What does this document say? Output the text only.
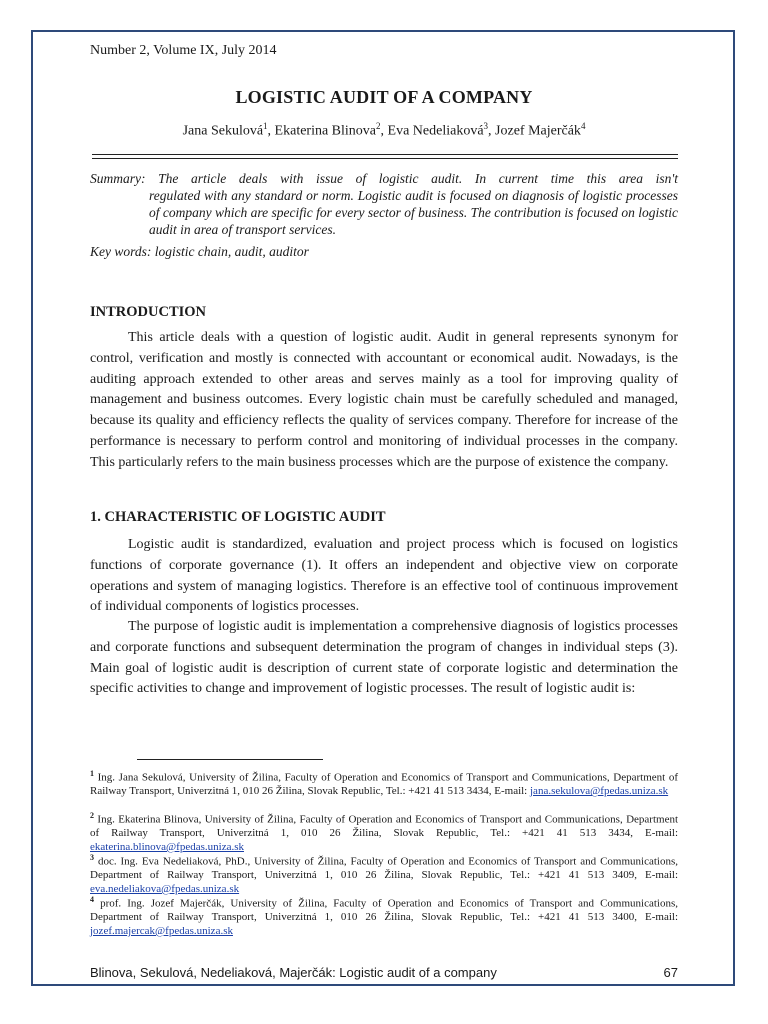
Number 2, Volume IX, July 2014

LOGISTIC AUDIT OF A COMPANY

Jana Sekulová$^1$, Ekaterina Blinova$^2$, Eva Nedeliaková$^3$, Jozef Majerčák$^4$

Summary: The article deals with issue of logistic audit. In current time this area isn't
regulated with any standard or norm. Logistic audit is focused on diagnosis of logistic processes of company which are specific for every sector of business. The contribution is focused on logistic audit in area of transport services.

Key words: logistic chain, audit, auditor

INTRODUCTION

This article deals with a question of logistic audit. Audit in general represents synonym for control, verification and mostly is connected with accountant or economical audit. Nowadays, is the auditing approach extended to other areas and serves mainly as a tool for improving quality of management and business outcomes. Every logistic chain must be carefully scheduled and managed, because its quality and efficiency reflects the quality of services company. Therefore for increase of the performance is necessary to perform control and monitoring of individual processes in the company. This particularly refers to the main business processes which are the purpose of existence the company.

1. CHARACTERISTIC OF LOGISTIC AUDIT

Logistic audit is standardized, evaluation and project process which is focused on logistics functions of corporate governance (1). It offers an independent and objective view on corporate operations and system of managing logistics. Therefore is an effective tool of continuous improvement of individual components of logistics processes.

The purpose of logistic audit is implementation a comprehensive diagnosis of logistics processes and corporate functions and subsequent determination the program of changes in individual steps (3). Main goal of logistic audit is description of current state of corporate logistic and determination the specific activities to change and improvement of logistic processes. The result of logistic audit is:

$^1$ Ing. Jana Sekulová, University of Žilina, Faculty of Operation and Economics of Transport and Communications, Department of Railway Transport, Univerzitná 1, 010 26 Žilina, Slovak Republic, Tel.: +421 41 513 3434, E-mail: jana.sekulova@fpedas.uniza.sk

$^2$ Ing. Ekaterina Blinova, University of Žilina, Faculty of Operation and Economics of Transport and Communications, Department of Railway Transport, Univerzitná 1, 010 26 Žilina, Slovak Republic, Tel.: +421 41 513 3434, E-mail: ekaterina.blinova@fpedas.uniza.sk

$^3$ doc. Ing. Eva Nedeliaková, PhD., University of Žilina, Faculty of Operation and Economics of Transport and Communications, Department of Railway Transport, Univerzitná 1, 010 26 Žilina, Slovak Republic, Tel.: +421 41 513 3409, E-mail: eva.nedeliakova@fpedas.uniza.sk

$^4$ prof. Ing. Jozef Majerčák, University of Žilina, Faculty of Operation and Economics of Transport and Communications, Department of Railway Transport, Univerzitná 1, 010 26 Žilina, Slovak Republic, Tel.: +421 41 513 3400, E-mail: jozef.majercak@fpedas.uniza.sk

Blinova, Sekulová, Nedeliaková, Majerčák: Logistic audit of a company	67
